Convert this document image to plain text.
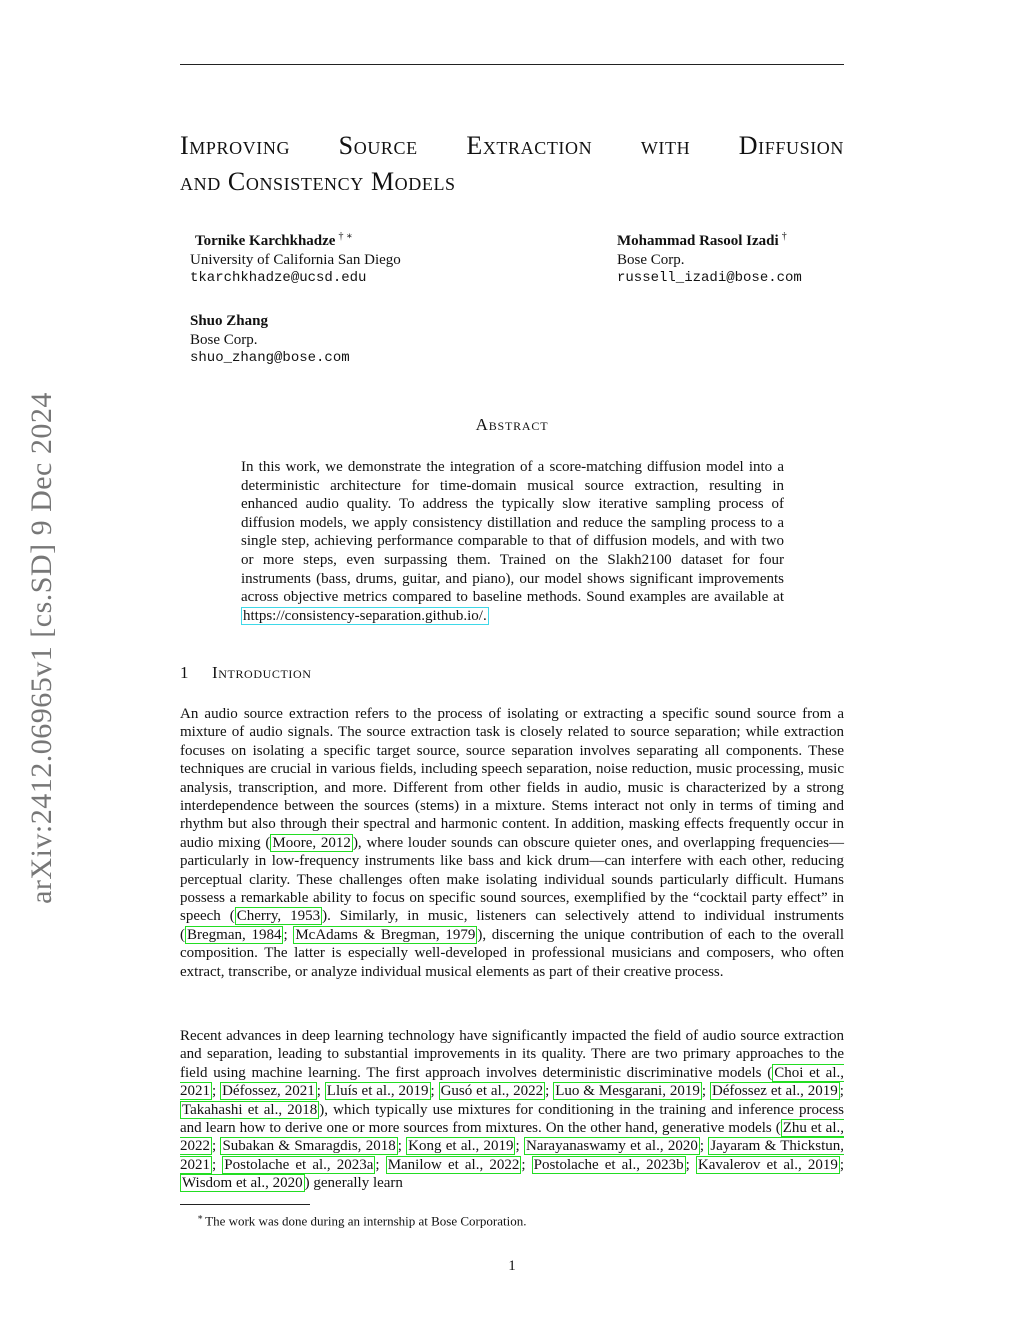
arXiv:2412.06965v1 [cs.SD] 9 Dec 2024
Improving Source Extraction with Diffusion
and Consistency Models
Tornike Karchkhadze † ∗
University of California San Diego
tkarchkhadze@ucsd.edu
Mohammad Rasool Izadi †
Bose Corp.
russell_izadi@bose.com
Shuo Zhang
Bose Corp.
shuo_zhang@bose.com
Abstract

In this work, we demonstrate the integration of a score-matching diffusion model into a deterministic architecture for time-domain musical source extraction, resulting in enhanced audio quality. To address the typically slow iterative sampling process of diffusion models, we apply consistency distillation and reduce the sampling process to a single step, achieving performance comparable to that of diffusion models, and with two or more steps, even surpassing them. Trained on the Slakh2100 dataset for four instruments (bass, drums, guitar, and piano), our model shows significant improvements across objective metrics compared to baseline methods. Sound examples are available at https://consistency-separation.github.io/.

1 Introduction

An audio source extraction refers to the process of isolating or extracting a specific sound source from a mixture of audio signals. The source extraction task is closely related to source separation; while extraction focuses on isolating a specific target source, source separation involves separating all components. These techniques are crucial in various fields, including speech separation, noise reduction, music processing, music analysis, transcription, and more. Different from other fields in audio, music is characterized by a strong interdependence between the sources (stems) in a mixture. Stems interact not only in terms of timing and rhythm but also through their spectral and harmonic content. In addition, masking effects frequently occur in audio mixing ( Moore, 2012 ), where louder sounds can obscure quieter ones, and overlapping frequencies—particularly in low-frequency instruments like bass and kick drum—can interfere with each other, reducing perceptual clarity. These challenges often make isolating individual sounds particularly difficult. Humans possess a remarkable ability to focus on specific sound sources, exemplified by the “cocktail party effect” in speech ( Cherry, 1953 ). Similarly, in music, listeners can selectively attend to individual instruments ( Bregman, 1984 ; McAdams & Bregman, 1979 ), discerning the unique contribution of each to the overall composition. The latter is especially well-developed in professional musicians and composers, who often extract, transcribe, or analyze individual musical elements as part of their creative process.

Recent advances in deep learning technology have significantly impacted the field of audio source extraction and separation, leading to substantial improvements in its quality. There are two primary approaches to the field using machine learning. The first approach involves deterministic discriminative models ( Choi et al., 2021 ; Défossez, 2021 ; Lluís et al., 2019 ; Gusó et al., 2022 ; Luo & Mesgarani, 2019 ; Défossez et al., 2019 ; Takahashi et al., 2018 ), which typically use mixtures for conditioning in the training and inference process and learn how to derive one or more sources from mixtures. On the other hand, generative models ( Zhu et al., 2022 ; Subakan & Smaragdis, 2018 ; Kong et al., 2019 ; Narayanaswamy et al., 2020 ; Jayaram & Thickstun, 2021 ; Postolache et al., 2023a ; Manilow et al., 2022 ; Postolache et al., 2023b ; Kavalerov et al., 2019 ; Wisdom et al., 2020 ) generally learn

∗ The work was done during an internship at Bose Corporation.
1
